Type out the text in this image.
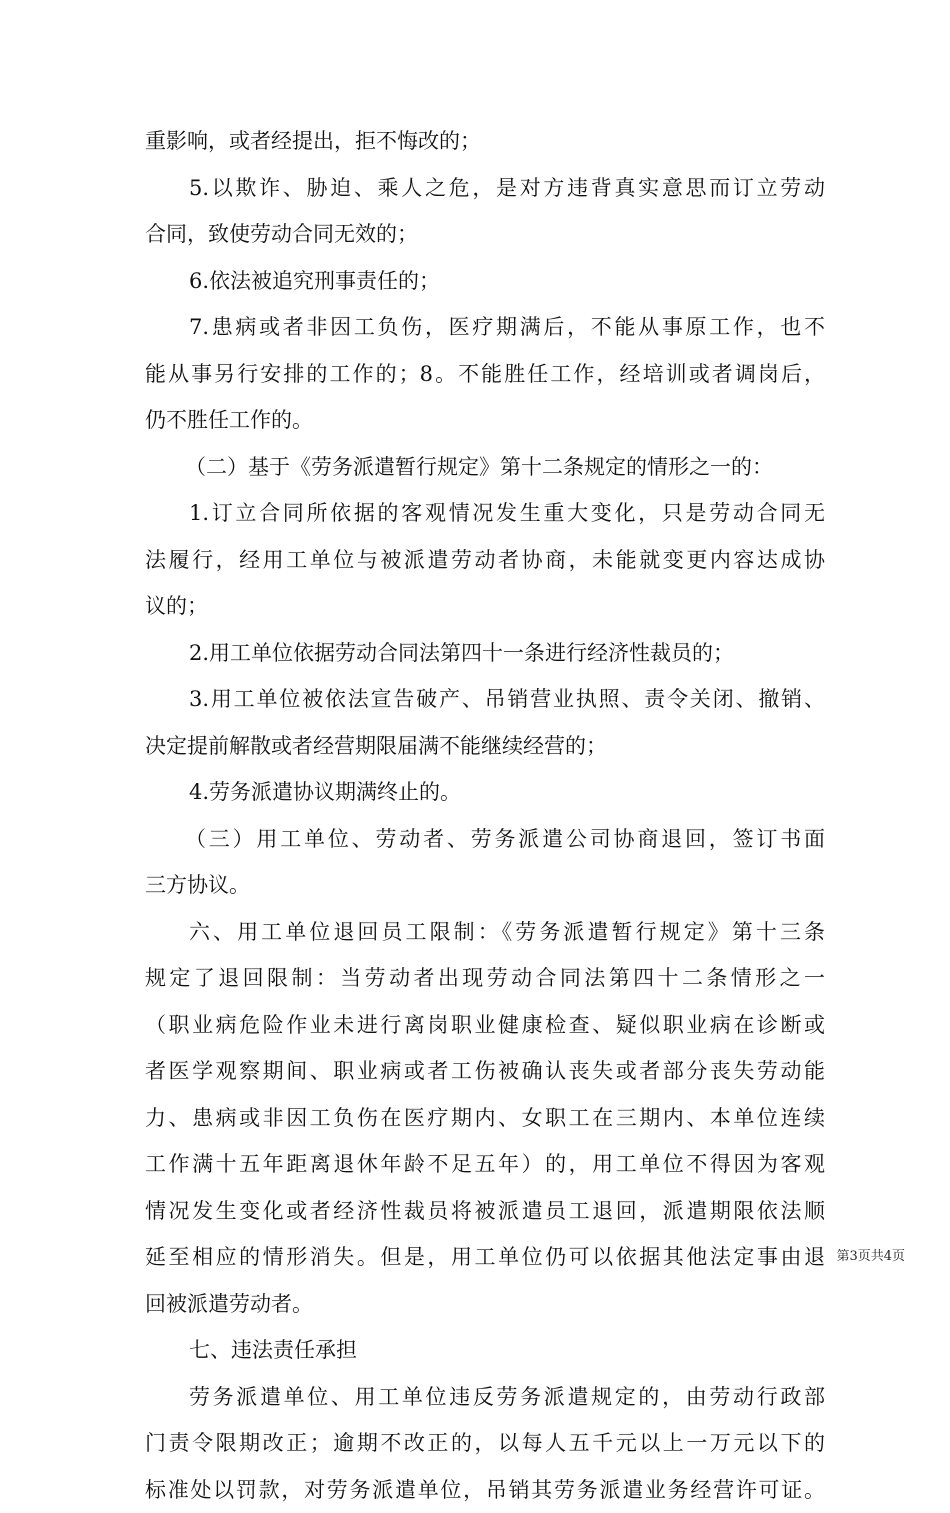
重影响，或者经提出，拒不悔改的；
5.以欺诈、胁迫、乘人之危，是对方违背真实意思而订立劳动
合同，致使劳动合同无效的；
6.依法被追究刑事责任的；
7.患病或者非因工负伤，医疗期满后，不能从事原工作，也不
能从事另行安排的工作的；8。不能胜任工作，经培训或者调岗后，
仍不胜任工作的。
（二）基于《劳务派遣暂行规定》第十二条规定的情形之一的：
1.订立合同所依据的客观情况发生重大变化，只是劳动合同无
法履行，经用工单位与被派遣劳动者协商，未能就变更内容达成协
议的；
2.用工单位依据劳动合同法第四十一条进行经济性裁员的；
3.用工单位被依法宣告破产、吊销营业执照、责令关闭、撤销、
决定提前解散或者经营期限届满不能继续经营的；
4.劳务派遣协议期满终止的。
（三）用工单位、劳动者、劳务派遣公司协商退回，签订书面
三方协议。
六、用工单位退回员工限制：《劳务派遣暂行规定》第十三条
规定了退回限制：当劳动者出现劳动合同法第四十二条情形之一
（职业病危险作业未进行离岗职业健康检查、疑似职业病在诊断或
者医学观察期间、职业病或者工伤被确认丧失或者部分丧失劳动能
力、患病或非因工负伤在医疗期内、女职工在三期内、本单位连续
工作满十五年距离退休年龄不足五年）的，用工单位不得因为客观
情况发生变化或者经济性裁员将被派遣员工退回，派遣期限依法顺
延至相应的情形消失。但是，用工单位仍可以依据其他法定事由退
回被派遣劳动者。
七、违法责任承担
劳务派遣单位、用工单位违反劳务派遣规定的，由劳动行政部
门责令限期改正；逾期不改正的，以每人五千元以上一万元以下的
标准处以罚款，对劳务派遣单位，吊销其劳务派遣业务经营许可证。
第3页共4页
